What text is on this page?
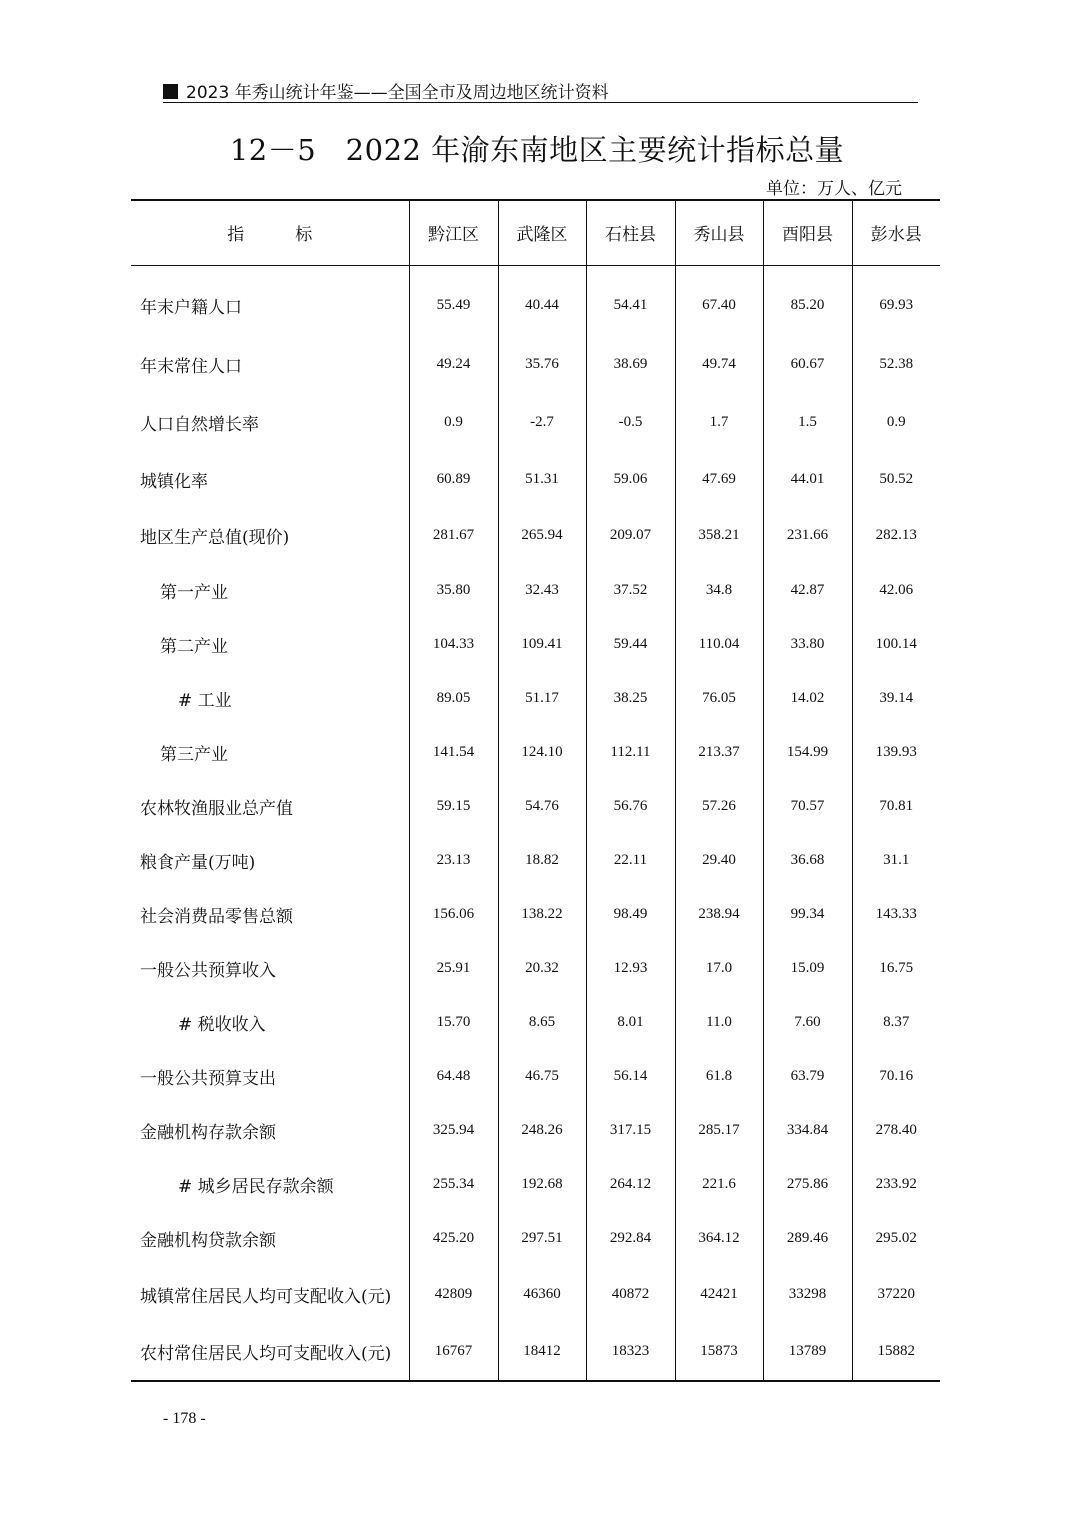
2023 年秀山统计年鉴——全国全市及周边地区统计资料
12－5　2022 年渝东南地区主要统计指标总量
单位：万人、亿元
指　　　标	黔江区	武隆区	石柱县	秀山县	酉阳县	彭水县

年末户籍人口	55.49	40.44	54.41	67.40	85.20	69.93
年末常住人口	49.24	35.76	38.69	49.74	60.67	52.38
人口自然增长率	0.9	-2.7	-0.5	1.7	1.5	0.9
城镇化率	60.89	51.31	59.06	47.69	44.01	50.52
地区生产总值(现价)	281.67	265.94	209.07	358.21	231.66	282.13
第一产业	35.80	32.43	37.52	34.8	42.87	42.06
第二产业	104.33	109.41	59.44	110.04	33.80	100.14
# 工业	89.05	51.17	38.25	76.05	14.02	39.14
第三产业	141.54	124.10	112.11	213.37	154.99	139.93
农林牧渔服业总产值	59.15	54.76	56.76	57.26	70.57	70.81
粮食产量(万吨)	23.13	18.82	22.11	29.40	36.68	31.1
社会消费品零售总额	156.06	138.22	98.49	238.94	99.34	143.33
一般公共预算收入	25.91	20.32	12.93	17.0	15.09	16.75
# 税收收入	15.70	8.65	8.01	11.0	7.60	8.37
一般公共预算支出	64.48	46.75	56.14	61.8	63.79	70.16
金融机构存款余额	325.94	248.26	317.15	285.17	334.84	278.40
# 城乡居民存款余额	255.34	192.68	264.12	221.6	275.86	233.92
金融机构贷款余额	425.20	297.51	292.84	364.12	289.46	295.02
城镇常住居民人均可支配收入(元)	42809	46360	40872	42421	33298	37220
农村常住居民人均可支配收入(元)	16767	18412	18323	15873	13789	15882
- 178 -
